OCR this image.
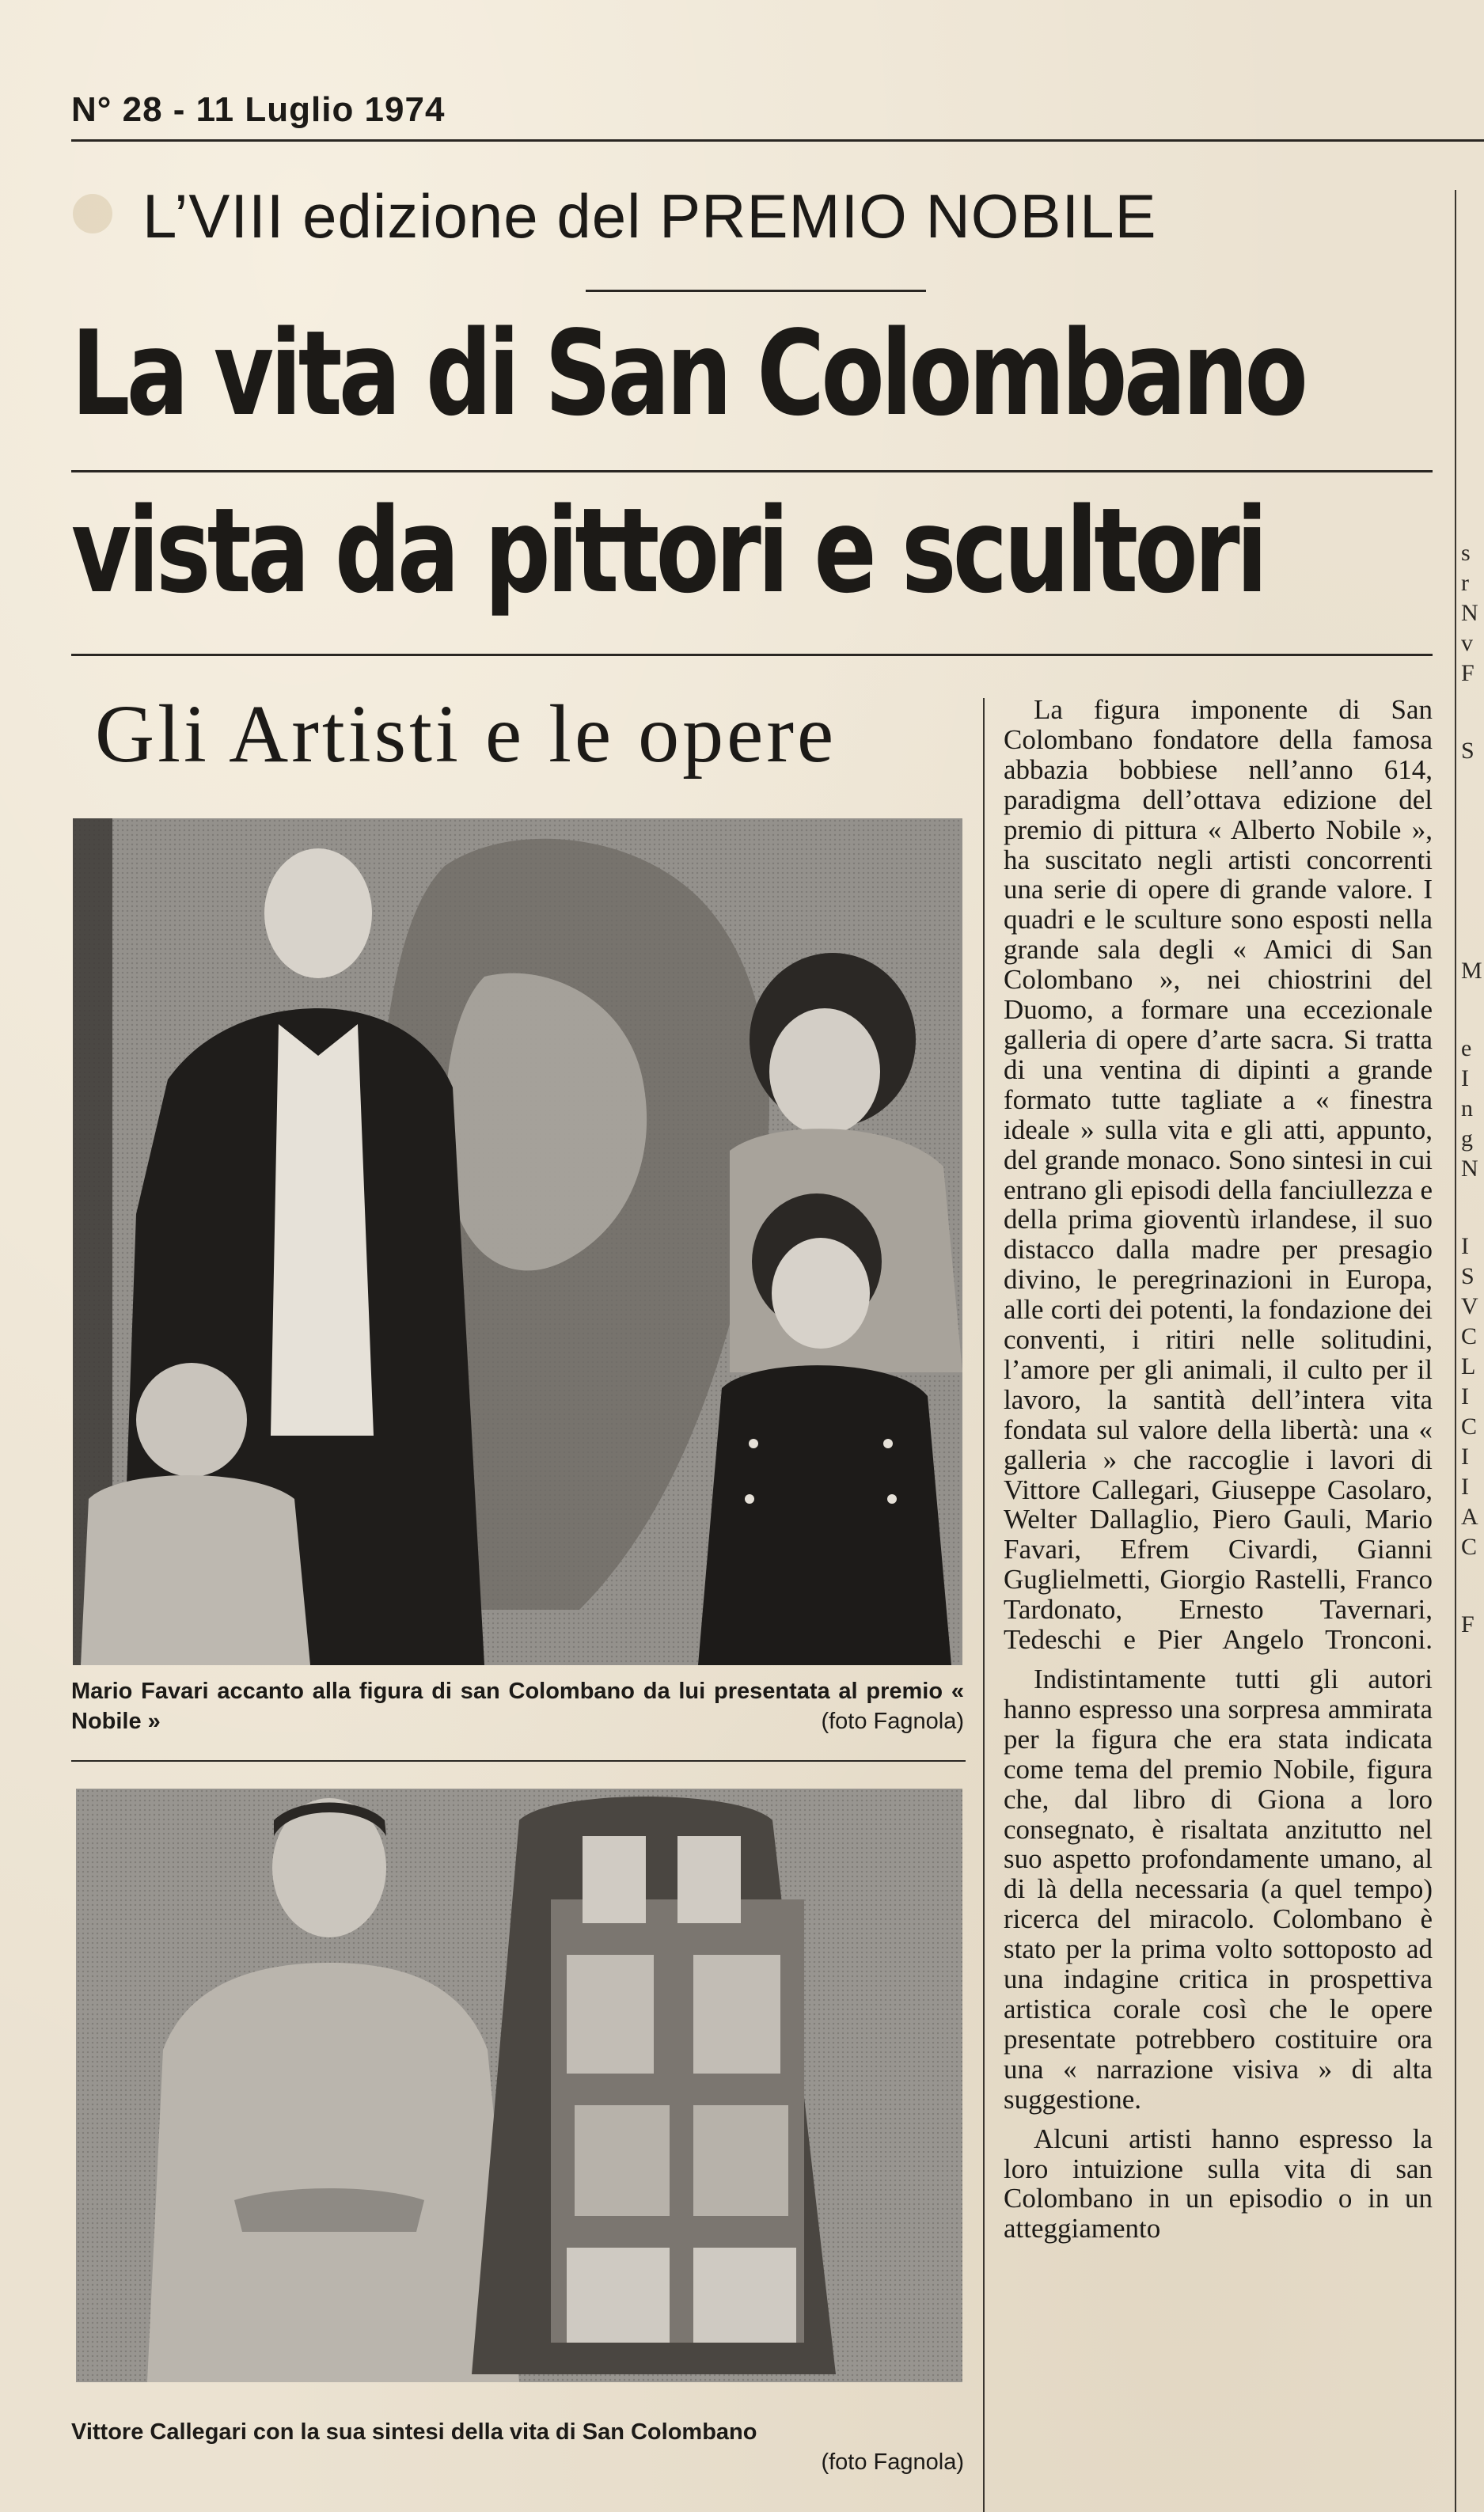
N° 28 - 11 Luglio 1974
L’VIII edizione del PREMIO NOBILE
La vita di San Colombano
vista da pittori e scultori
Gli Artisti e le opere
Mario Favari accanto alla figura di san Colombano da lui presentata al premio « Nobile »	(foto Fagnola)
Vittore Callegari con la sua sintesi della vita di San Colombano
(foto Fagnola)

La figura imponente di San Colombano fondatore della famosa abbazia bobbiese nell’anno 614, paradigma dell’ottava edizione del premio di pittura « Alberto Nobile », ha suscitato negli artisti concorrenti una serie di opere di grande valore. I quadri e le sculture sono esposti nella grande sala degli « Amici di San Colombano », nei chiostrini del Duomo, a formare una eccezionale galleria di opere d’arte sacra. Si tratta di una ventina di dipinti a grande formato tutte tagliate a « finestra ideale » sulla vita e gli atti, appunto, del grande monaco. Sono sintesi in cui entrano gli episodi della fanciullezza e della prima gioventù irlandese, il suo distacco dalla madre per presagio divino, le peregrinazioni in Europa, alle corti dei potenti, la fondazione dei conventi, i ritiri nelle solitudini, l’amore per gli animali, il culto per il lavoro, la santità dell’intera vita fondata sul valore della libertà: una « galleria » che raccoglie i lavori di Vittore Callegari, Giuseppe Casolaro, Welter Dallaglio, Piero Gauli, Mario Favari, Efrem Civardi, Gianni Guglielmetti, Giorgio Rastelli, Franco Tardonato, Ernesto Tavernari, Tedeschi e Pier Angelo Tronconi.

Indistintamente tutti gli autori hanno espresso una sorpresa ammirata per la figura che era stata indicata come tema del premio Nobile, figura che, dal libro di Giona a loro consegnato, è risaltata anzitutto nel suo aspetto profondamente umano, al di là della necessaria (a quel tempo) ricerca del miracolo. Colombano è stato per la prima volto sottoposto ad una indagine critica in prospettiva artistica corale così che le opere presentate potrebbero costituire ora una « narrazione visiva » di alta suggestione.

Alcuni artisti hanno espresso la loro intuizione sulla vita di san Colombano in un episodio o in un atteggiamento

s
r
N
v
F
S
M
e
I
n
g
N
I
S
V
C
L
I
C
I
I
A
C
F
